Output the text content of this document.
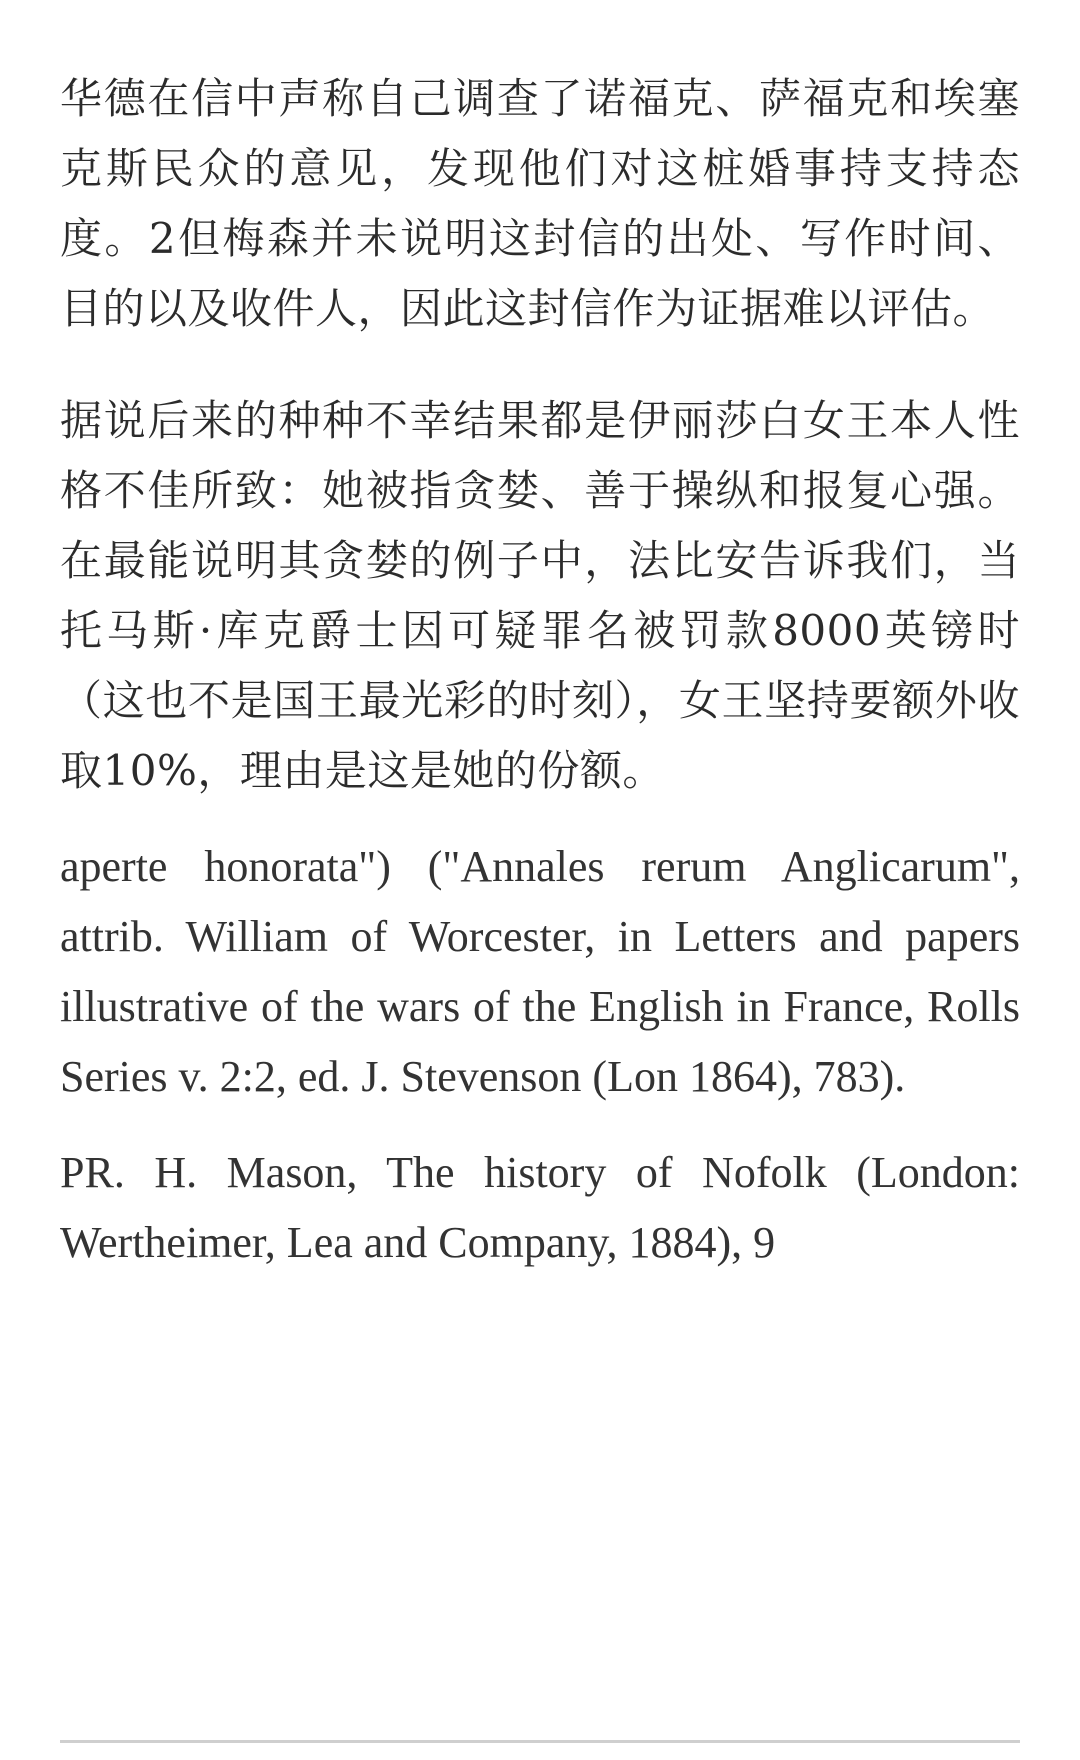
华德在信中声称自己调查了诺福克、萨福克和埃塞克斯民众的意见，发现他们对这桩婚事持支持态度。2但梅森并未说明这封信的出处、写作时间、目的以及收件人，因此这封信作为证据难以评估。

据说后来的种种不幸结果都是伊丽莎白女王本人性格不佳所致：她被指贪婪、善于操纵和报复心强。在最能说明其贪婪的例子中，法比安告诉我们，当托马斯·库克爵士因可疑罪名被罚款8000英镑时（这也不是国王最光彩的时刻），女王坚持要额外收取10%，理由是这是她的份额。

aperte honorata") ("Annales rerum Anglicarum", attrib. William of Worcester, in Letters and papers illustrative of the wars of the English in France, Rolls Series v. 2:2, ed. J. Stevenson (Lon 1864), 783).

PR. H. Mason, The history of Nofolk (London: Wertheimer, Lea and Company, 1884), 9
